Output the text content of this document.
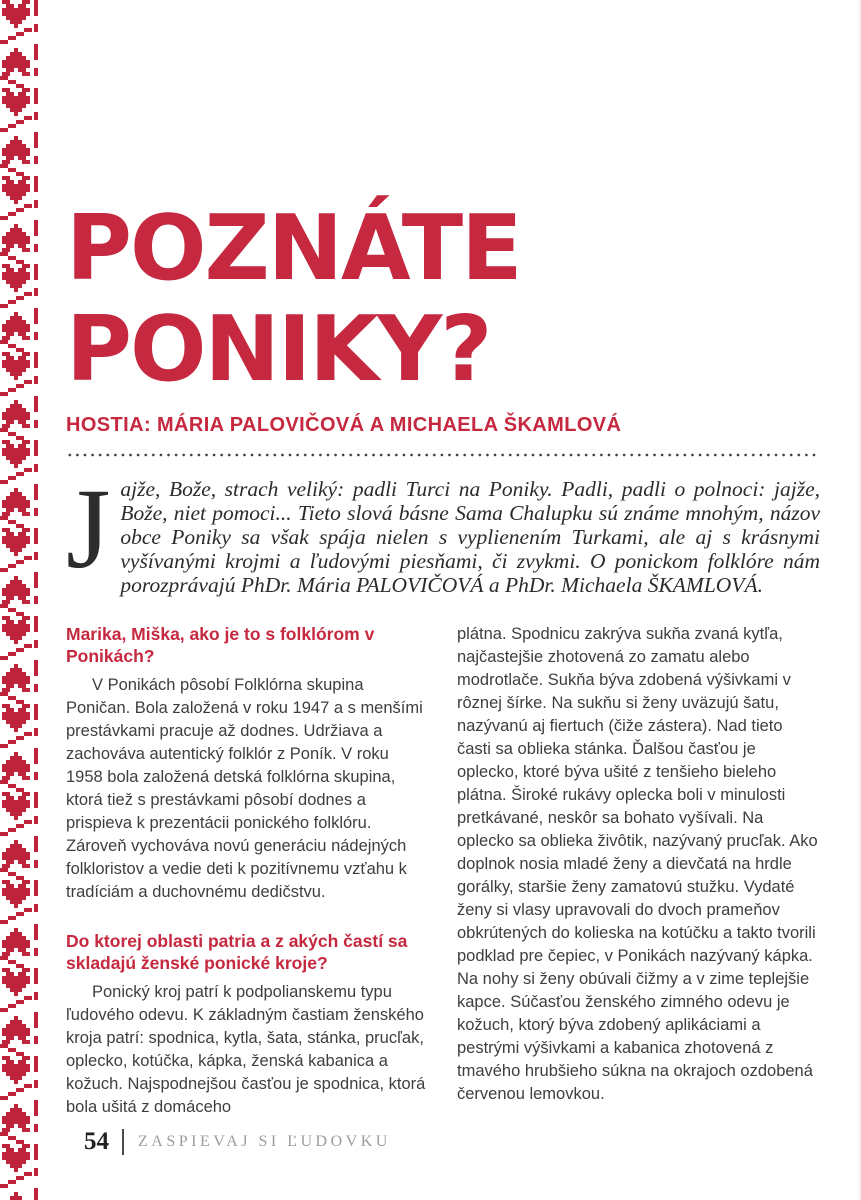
POZNÁTE
PONIKY?
HOSTIA: MÁRIA PALOVIČOVÁ A MICHAELA ŠKAMLOVÁ

Jajže, Bože, strach veliký: padli Turci na Poniky. Padli, padli o polnoci: jajže, Bože, niet pomoci... Tieto slová básne Sama Chalupku sú známe mnohým, názov obce Poniky sa však spája nielen s vyplienením Turkami, ale aj s krásnymi vyšívanými krojmi a ľudovými piesňami, či zvykmi. O ponickom folklóre nám porozprávajú PhDr. Mária PALOVIČOVÁ a PhDr. Michaela ŠKAMLOVÁ.

Marika, Miška, ako je to s folklórom v Ponikách?

V Ponikách pôsobí Folklórna skupina Poničan. Bola založená v roku 1947 a s menšími prestávkami pracuje až dodnes. Udržiava a zachováva autentický folklór z Poník. V roku 1958 bola založená detská folklórna skupina, ktorá tiež s prestávkami pôsobí dodnes a prispieva k prezentácii ponického folklóru. Zároveň vychováva novú generáciu nádejných folkloristov a vedie deti k pozitívnemu vzťahu k tradíciám a duchovnému dedičstvu.

Do ktorej oblasti patria a z akých častí sa skladajú ženské ponické kroje?

Ponický kroj patrí k podpolianskemu typu ľudového odevu. K základným častiam ženského kroja patrí: spodnica, kytla, šata, stánka, prucľak, oplecko, kotúčka, kápka, ženská kabanica a kožuch. Najspodnejšou časťou je spodnica, ktorá bola ušitá z domáceho

plátna. Spodnicu zakrýva sukňa zvaná kytľa, najčastejšie zhotovená zo zamatu alebo modrotlače. Sukňa býva zdobená výšivkami v rôznej šírke. Na sukňu si ženy uväzujú šatu, nazývanú aj fiertuch (čiže zástera). Nad tieto časti sa oblieka stánka. Ďalšou časťou je oplecko, ktoré býva ušité z tenšieho bieleho plátna. Široké rukávy oplecka boli v minulosti pretkávané, neskôr sa bohato vyšívali. Na oplecko sa oblieka živôtik, nazývaný prucľak. Ako doplnok nosia mladé ženy a dievčatá na hrdle gorálky, staršie ženy zamatovú stužku. Vydaté ženy si vlasy upravovali do dvoch prameňov obkrútených do kolieska na kotúčku a takto tvorili podklad pre čepiec, v Ponikách nazývaný kápka. Na nohy si ženy obúvali čižmy a v zime teplejšie kapce. Súčasťou ženského zimného odevu je kožuch, ktorý býva zdobený aplikáciami a pestrými výšivkami a kabanica zhotovená z tmavého hrubšieho súkna na okrajoch ozdobená červenou lemovkou.

54 ZASPIEVAJ SI ĽUDOVKU
